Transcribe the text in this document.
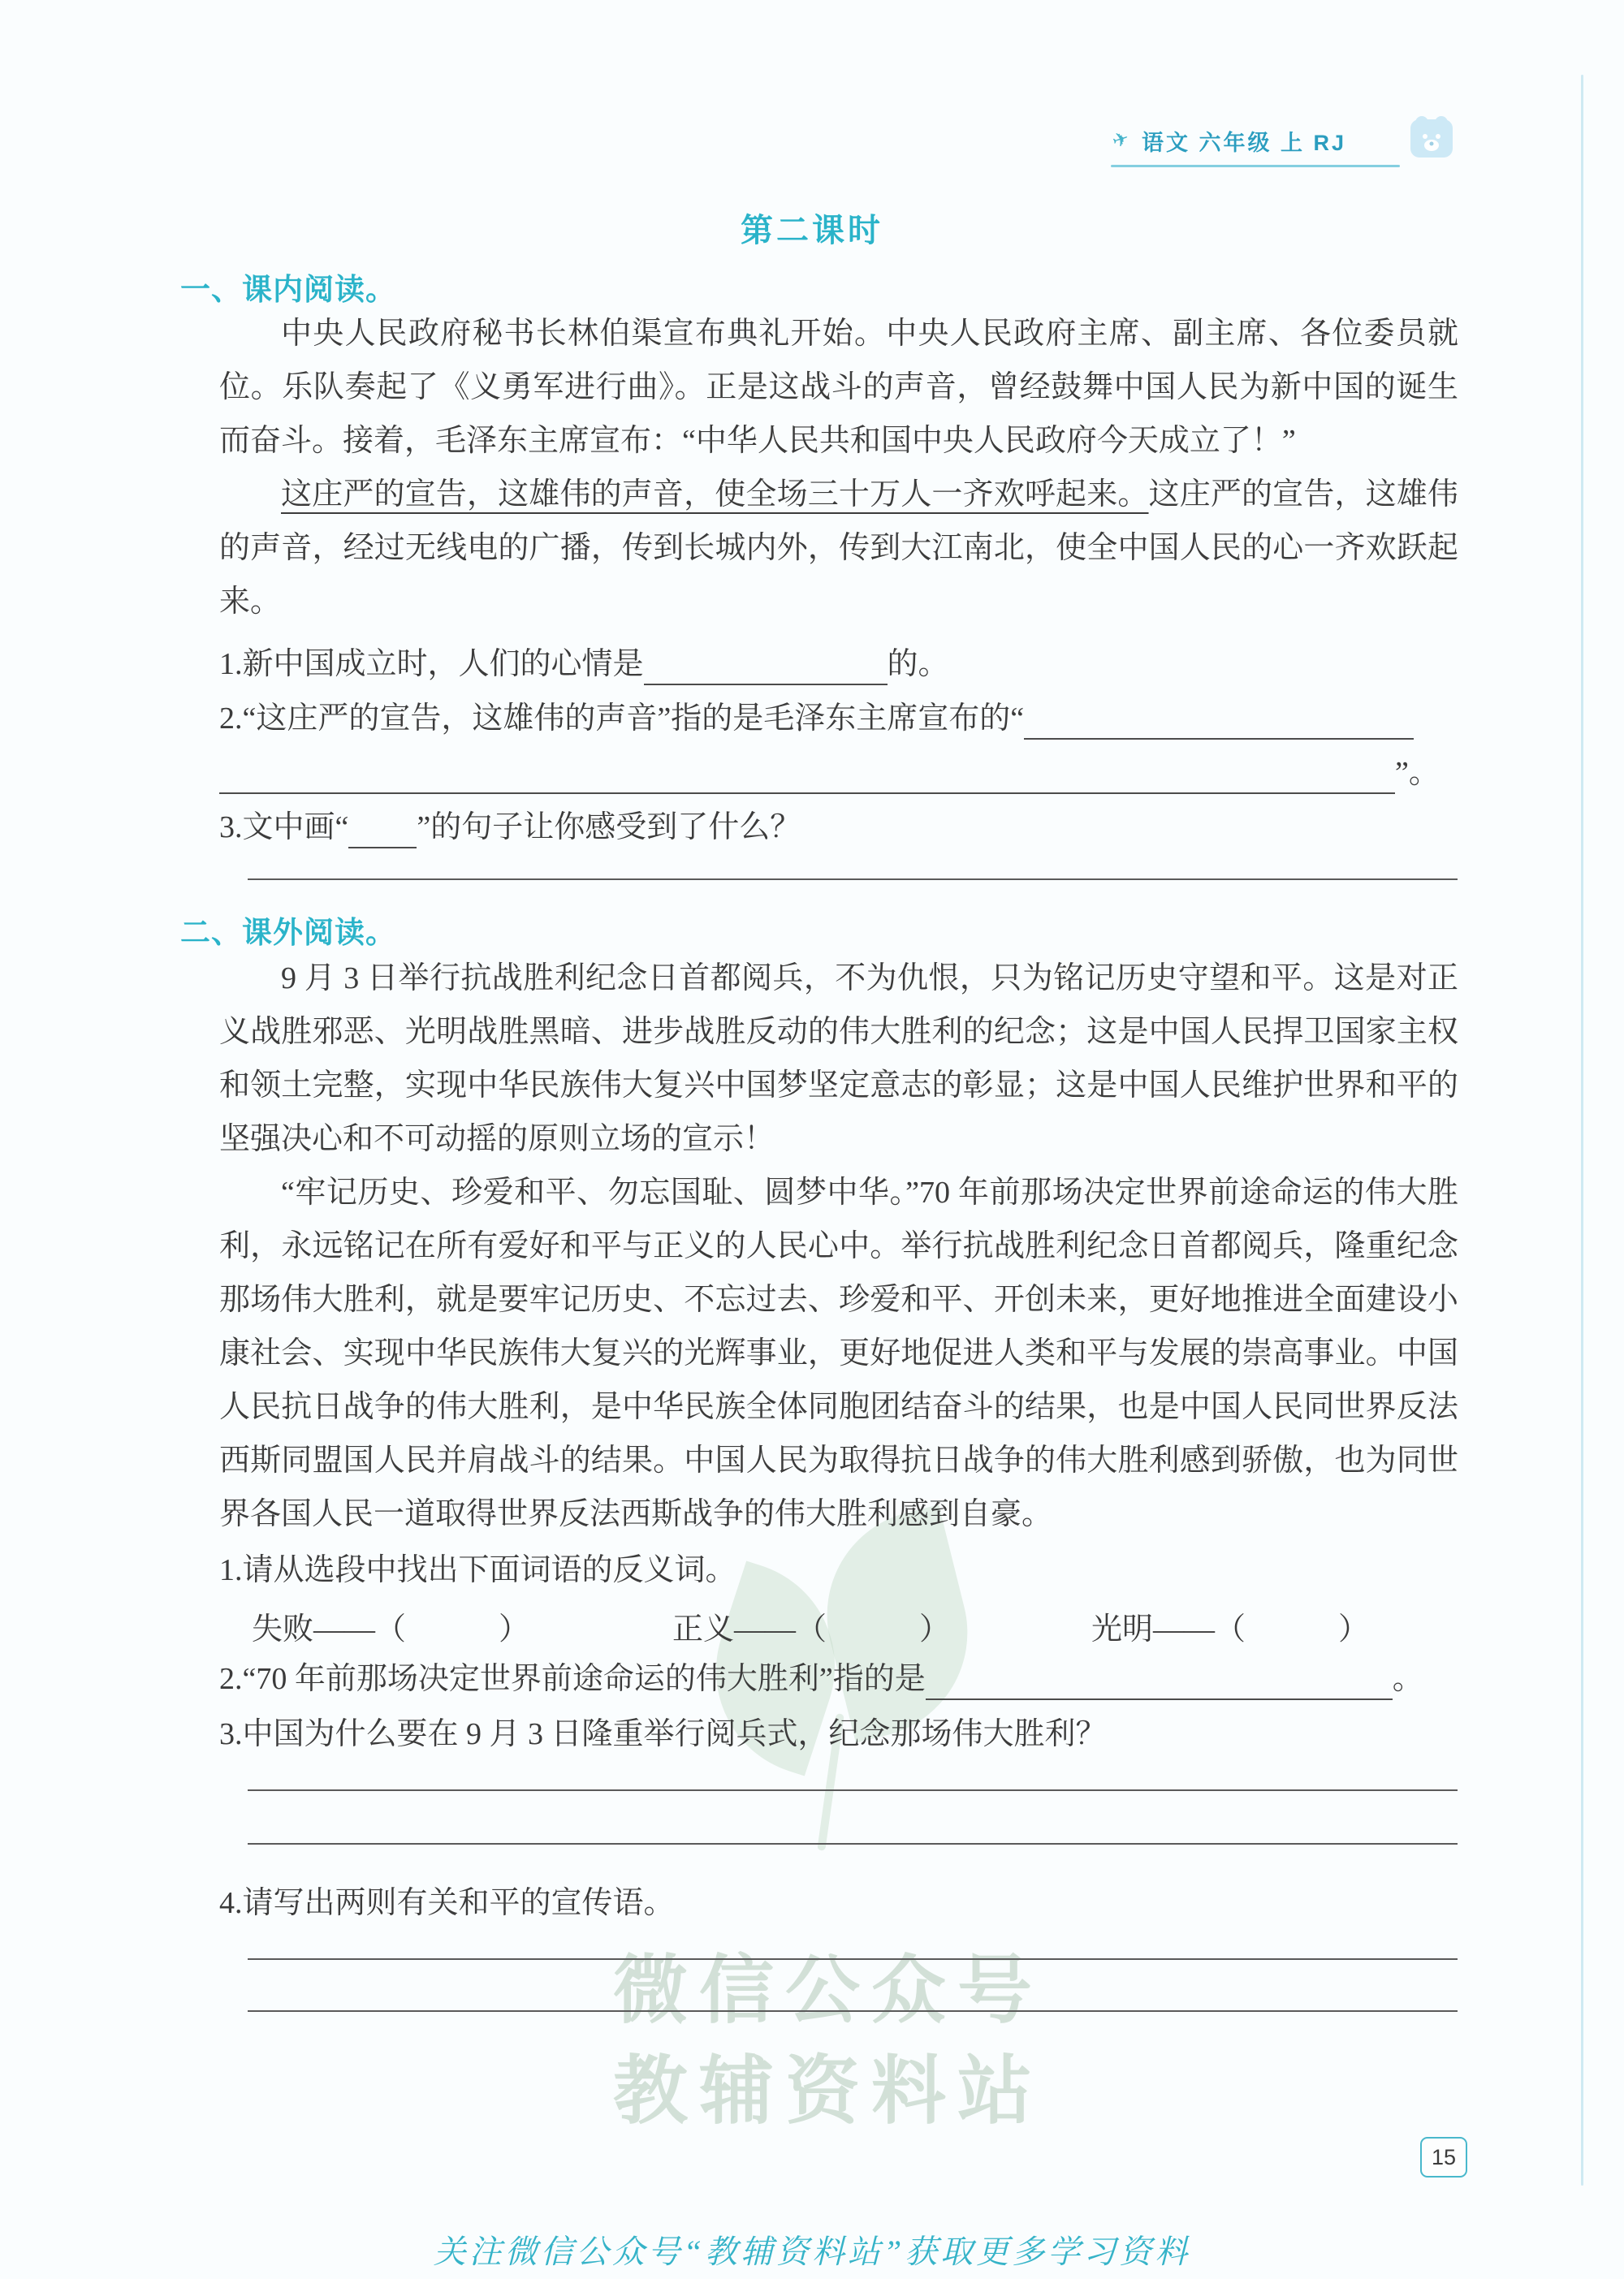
微信公众号
教辅资料站
✈ 语文 六年级 上 RJ
第二课时
一、课内阅读。

中央人民政府秘书长林伯渠宣布典礼开始。中央人民政府主席、副主席、各位委员就位。乐队奏起了《义勇军进行曲》。正是这战斗的声音，曾经鼓舞中国人民为新中国的诞生而奋斗。接着，毛泽东主席宣布：“中华人民共和国中央人民政府今天成立了！”

这庄严的宣告，这雄伟的声音，使全场三十万人一齐欢呼起来。这庄严的宣告，这雄伟的声音，经过无线电的广播，传到长城内外，传到大江南北，使全中国人民的心一齐欢跃起来。

1.新中国成立时，人们的心情是	的。
2.“这庄严的宣告，这雄伟的声音”指的是毛泽东主席宣布的“
”。
3.文中画“ ”的句子让你感受到了什么？
二、课外阅读。

9 月 3 日举行抗战胜利纪念日首都阅兵，不为仇恨，只为铭记历史守望和平。这是对正义战胜邪恶、光明战胜黑暗、进步战胜反动的伟大胜利的纪念；这是中国人民捍卫国家主权和领土完整，实现中华民族伟大复兴中国梦坚定意志的彰显；这是中国人民维护世界和平的坚强决心和不可动摇的原则立场的宣示！

“牢记历史、珍爱和平、勿忘国耻、圆梦中华。”70 年前那场决定世界前途命运的伟大胜利，永远铭记在所有爱好和平与正义的人民心中。举行抗战胜利纪念日首都阅兵，隆重纪念那场伟大胜利，就是要牢记历史、不忘过去、珍爱和平、开创未来，更好地推进全面建设小康社会、实现中华民族伟大复兴的光辉事业，更好地促进人类和平与发展的崇高事业。中国人民抗日战争的伟大胜利，是中华民族全体同胞团结奋斗的结果，也是中国人民同世界反法西斯同盟国人民并肩战斗的结果。中国人民为取得抗日战争的伟大胜利感到骄傲，也为同世界各国人民一道取得世界反法西斯战争的伟大胜利感到自豪。

1.请从选段中找出下面词语的反义词。
失败——（　　　）	正义——（　　　）	光明——（　　　）
2.“70 年前那场决定世界前途命运的伟大胜利”指的是	。
3.中国为什么要在 9 月 3 日隆重举行阅兵式，纪念那场伟大胜利？
4.请写出两则有关和平的宣传语。
15
关注微信公众号“教辅资料站”获取更多学习资料
